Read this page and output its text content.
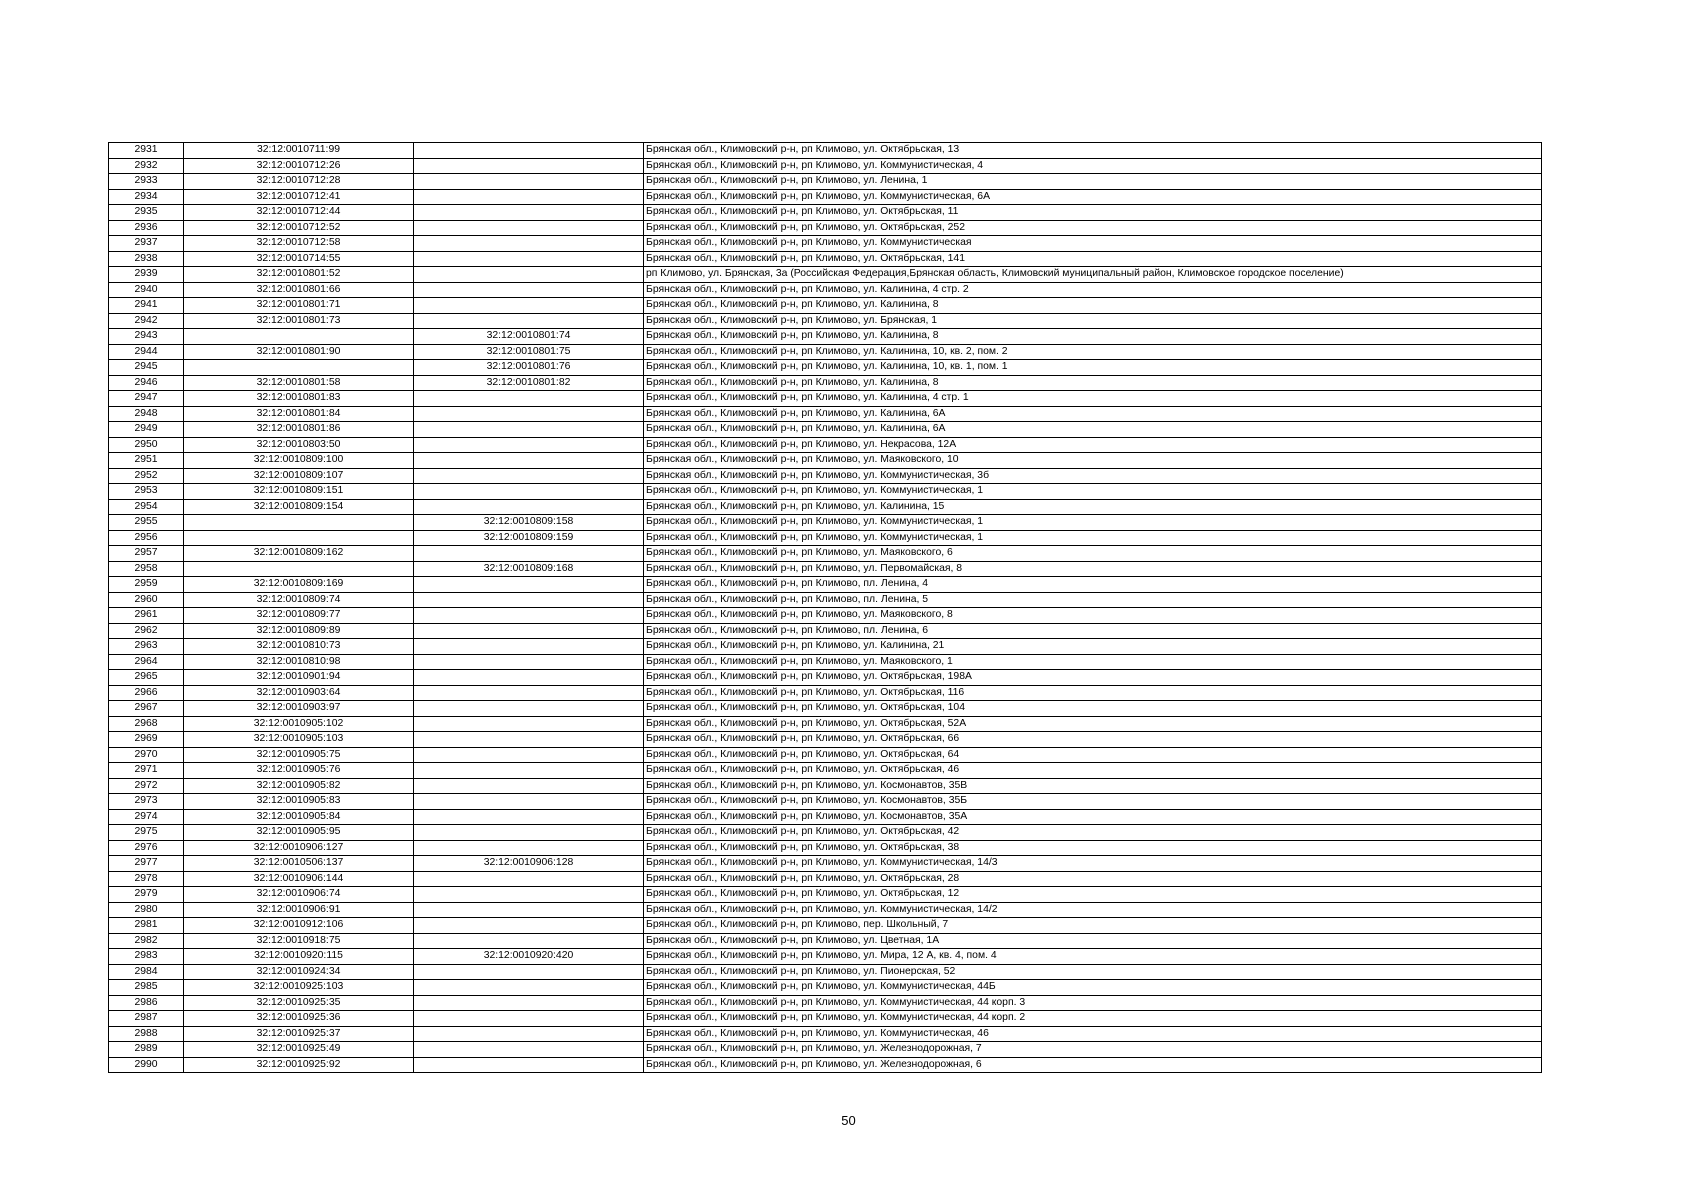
2931	32:12:0010711:99		Брянская обл., Климовский р-н, рп Климово, ул. Октябрьская, 13
2932	32:12:0010712:26		Брянская обл., Климовский р-н, рп Климово, ул. Коммунистическая, 4
2933	32:12:0010712:28		Брянская обл., Климовский р-н, рп Климово, ул. Ленина, 1
2934	32:12:0010712:41		Брянская обл., Климовский р-н, рп Климово, ул. Коммунистическая, 6А
2935	32:12:0010712:44		Брянская обл., Климовский р-н, рп Климово, ул. Октябрьская, 11
2936	32:12:0010712:52		Брянская обл., Климовский р-н, рп Климово, ул. Октябрьская, 252
2937	32:12:0010712:58		Брянская обл., Климовский р-н, рп Климово, ул. Коммунистическая
2938	32:12:0010714:55		Брянская обл., Климовский р-н, рп Климово, ул. Октябрьская, 141
2939	32:12:0010801:52		рп Климово, ул. Брянская, 3а (Российская Федерация,Брянская область, Климовский муниципальный район, Климовское городское поселение)
2940	32:12:0010801:66		Брянская обл., Климовский р-н, рп Климово, ул. Калинина, 4 стр. 2
2941	32:12:0010801:71		Брянская обл., Климовский р-н, рп Климово, ул. Калинина, 8
2942	32:12:0010801:73		Брянская обл., Климовский р-н, рп Климово, ул. Брянская, 1
2943		32:12:0010801:74	Брянская обл., Климовский р-н, рп Климово, ул. Калинина, 8
2944	32:12:0010801:90	32:12:0010801:75	Брянская обл., Климовский р-н, рп Климово, ул. Калинина, 10, кв. 2, пом. 2
2945		32:12:0010801:76	Брянская обл., Климовский р-н, рп Климово, ул. Калинина, 10, кв. 1, пом. 1
2946	32:12:0010801:58	32:12:0010801:82	Брянская обл., Климовский р-н, рп Климово, ул. Калинина, 8
2947	32:12:0010801:83		Брянская обл., Климовский р-н, рп Климово, ул. Калинина, 4 стр. 1
2948	32:12:0010801:84		Брянская обл., Климовский р-н, рп Климово, ул. Калинина, 6А
2949	32:12:0010801:86		Брянская обл., Климовский р-н, рп Климово, ул. Калинина, 6А
2950	32:12:0010803:50		Брянская обл., Климовский р-н, рп Климово, ул. Некрасова, 12А
2951	32:12:0010809:100		Брянская обл., Климовский р-н, рп Климово, ул. Маяковского, 10
2952	32:12:0010809:107		Брянская обл., Климовский р-н, рп Климово, ул. Коммунистическая, 3б
2953	32:12:0010809:151		Брянская обл., Климовский р-н, рп Климово, ул. Коммунистическая, 1
2954	32:12:0010809:154		Брянская обл., Климовский р-н, рп Климово, ул. Калинина, 15
2955		32:12:0010809:158	Брянская обл., Климовский р-н, рп Климово, ул. Коммунистическая, 1
2956		32:12:0010809:159	Брянская обл., Климовский р-н, рп Климово, ул. Коммунистическая, 1
2957	32:12:0010809:162		Брянская обл., Климовский р-н, рп Климово, ул. Маяковского, 6
2958		32:12:0010809:168	Брянская обл., Климовский р-н, рп Климово, ул. Первомайская, 8
2959	32:12:0010809:169		Брянская обл., Климовский р-н, рп Климово, пл. Ленина, 4
2960	32:12:0010809:74		Брянская обл., Климовский р-н, рп Климово, пл. Ленина, 5
2961	32:12:0010809:77		Брянская обл., Климовский р-н, рп Климово, ул. Маяковского, 8
2962	32:12:0010809:89		Брянская обл., Климовский р-н, рп Климово, пл. Ленина, 6
2963	32:12:0010810:73		Брянская обл., Климовский р-н, рп Климово, ул. Калинина, 21
2964	32:12:0010810:98		Брянская обл., Климовский р-н, рп Климово, ул. Маяковского, 1
2965	32:12:0010901:94		Брянская обл., Климовский р-н, рп Климово, ул. Октябрьская, 198А
2966	32:12:0010903:64		Брянская обл., Климовский р-н, рп Климово, ул. Октябрьская, 116
2967	32:12:0010903:97		Брянская обл., Климовский р-н, рп Климово, ул. Октябрьская, 104
2968	32:12:0010905:102		Брянская обл., Климовский р-н, рп Климово, ул. Октябрьская, 52А
2969	32:12:0010905:103		Брянская обл., Климовский р-н, рп Климово, ул. Октябрьская, 66
2970	32:12:0010905:75		Брянская обл., Климовский р-н, рп Климово, ул. Октябрьская, 64
2971	32:12:0010905:76		Брянская обл., Климовский р-н, рп Климово, ул. Октябрьская, 46
2972	32:12:0010905:82		Брянская обл., Климовский р-н, рп Климово, ул. Космонавтов, 35В
2973	32:12:0010905:83		Брянская обл., Климовский р-н, рп Климово, ул. Космонавтов, 35Б
2974	32:12:0010905:84		Брянская обл., Климовский р-н, рп Климово, ул. Космонавтов, 35А
2975	32:12:0010905:95		Брянская обл., Климовский р-н, рп Климово, ул. Октябрьская, 42
2976	32:12:0010906:127		Брянская обл., Климовский р-н, рп Климово, ул. Октябрьская, 38
2977	32:12:0010506:137	32:12:0010906:128	Брянская обл., Климовский р-н, рп Климово, ул. Коммунистическая, 14/3
2978	32:12:0010906:144		Брянская обл., Климовский р-н, рп Климово, ул. Октябрьская, 28
2979	32:12:0010906:74		Брянская обл., Климовский р-н, рп Климово, ул. Октябрьская, 12
2980	32:12:0010906:91		Брянская обл., Климовский р-н, рп Климово, ул. Коммунистическая, 14/2
2981	32:12:0010912:106		Брянская обл., Климовский р-н, рп Климово, пер. Школьный, 7
2982	32:12:0010918:75		Брянская обл., Климовский р-н, рп Климово, ул. Цветная, 1А
2983	32:12:0010920:115	32:12:0010920:420	Брянская обл., Климовский р-н, рп Климово, ул. Мира, 12 А, кв. 4, пом. 4
2984	32:12:0010924:34		Брянская обл., Климовский р-н, рп Климово, ул. Пионерская, 52
2985	32:12:0010925:103		Брянская обл., Климовский р-н, рп Климово, ул. Коммунистическая, 44Б
2986	32:12:0010925:35		Брянская обл., Климовский р-н, рп Климово, ул. Коммунистическая, 44 корп. 3
2987	32:12:0010925:36		Брянская обл., Климовский р-н, рп Климово, ул. Коммунистическая, 44 корп. 2
2988	32:12:0010925:37		Брянская обл., Климовский р-н, рп Климово, ул. Коммунистическая, 46
2989	32:12:0010925:49		Брянская обл., Климовский р-н, рп Климово, ул. Железнодорожная, 7
2990	32:12:0010925:92		Брянская обл., Климовский р-н, рп Климово, ул. Железнодорожная, 6
50
